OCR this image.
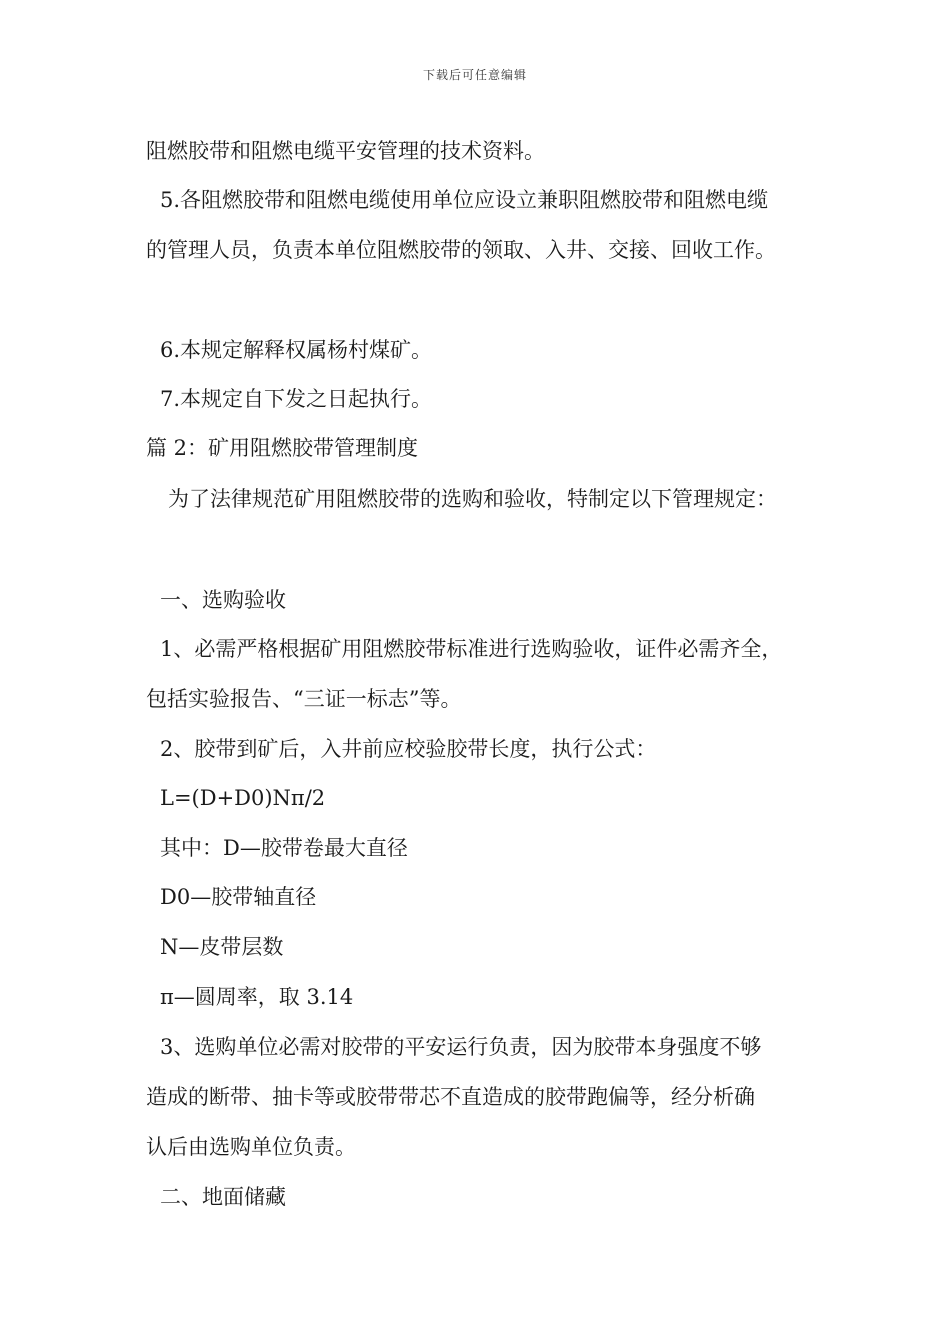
下载后可任意编辑
阻燃胶带和阻燃电缆平安管理的技术资料。
5.各阻燃胶带和阻燃电缆使用单位应设立兼职阻燃胶带和阻燃电缆
的管理人员，负责本单位阻燃胶带的领取、入井、交接、回收工作。
6.本规定解释权属杨村煤矿。
7.本规定自下发之日起执行。
篇 2：矿用阻燃胶带管理制度
为了法律规范矿用阻燃胶带的选购和验收，特制定以下管理规定：
一、选购验收
1、必需严格根据矿用阻燃胶带标准进行选购验收，证件必需齐全，
包括实验报告、“三证一标志”等。
2、胶带到矿后，入井前应校验胶带长度，执行公式：
L=(D+D0)Nπ/2
其中：D—胶带卷最大直径
D0—胶带轴直径
N—皮带层数
π—圆周率，取 3.14
3、选购单位必需对胶带的平安运行负责，因为胶带本身强度不够
造成的断带、抽卡等或胶带带芯不直造成的胶带跑偏等，经分析确
认后由选购单位负责。
二、地面储藏
